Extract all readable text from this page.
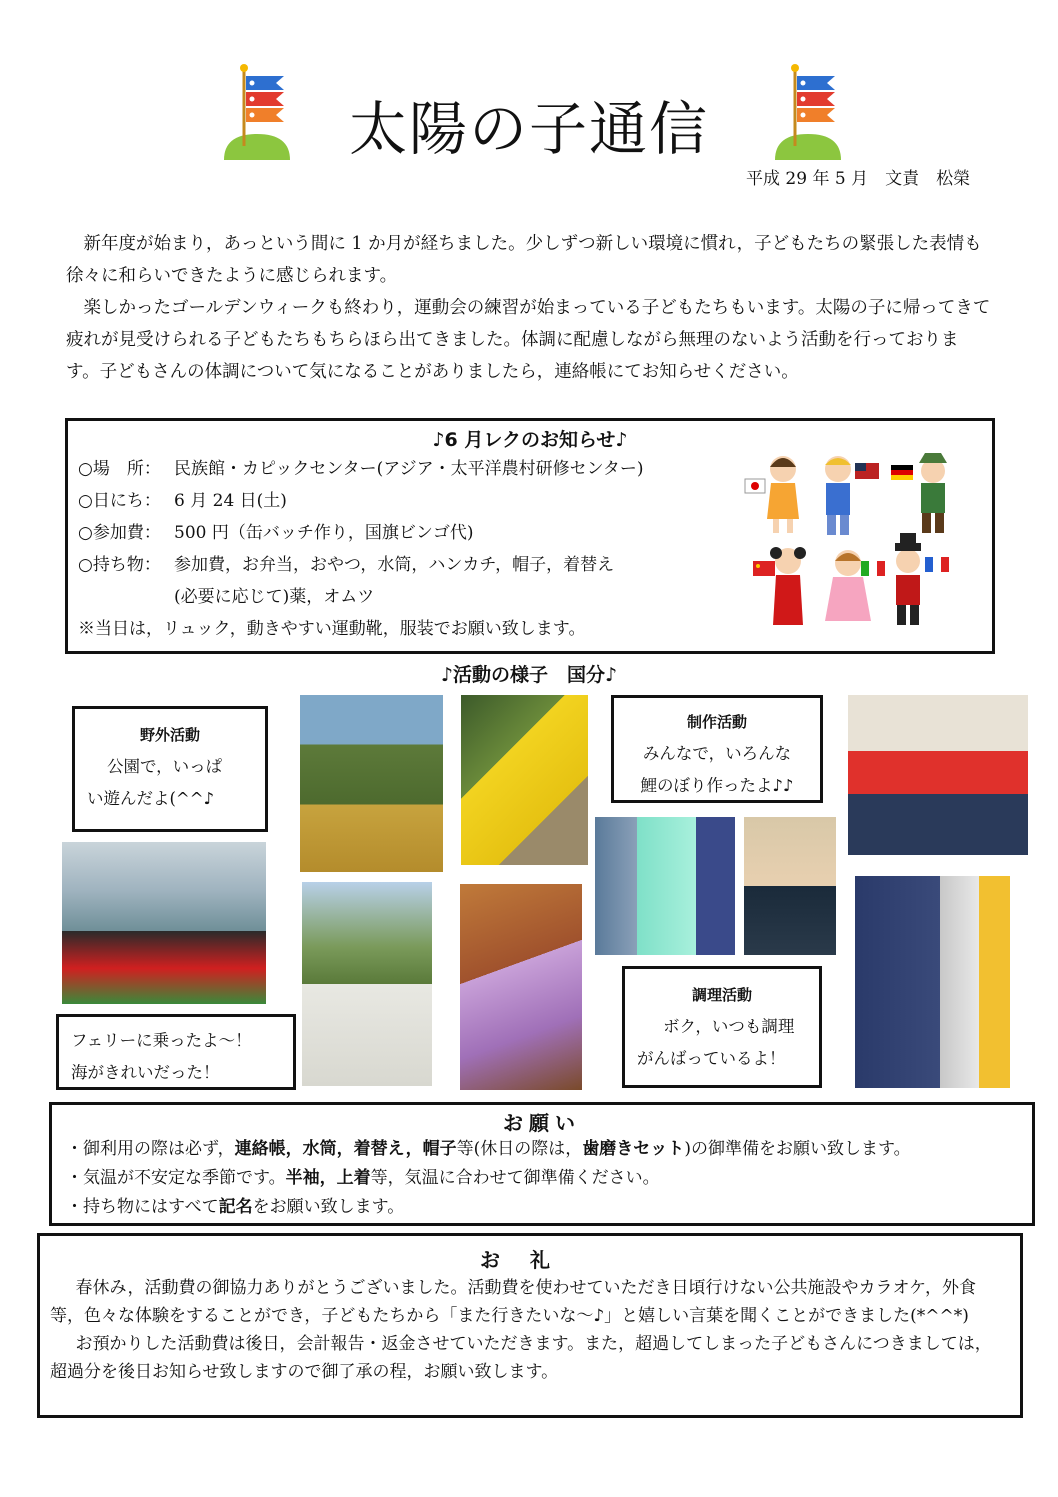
太陽の子通信
平成 29 年 5 月　文責　松榮

新年度が始まり，あっという間に 1 か月が経ちました。少しずつ新しい環境に慣れ，子どもたちの緊張した表情も徐々に和らいできたように感じられます。

楽しかったゴールデンウィークも終わり，運動会の練習が始まっている子どもたちもいます。太陽の子に帰ってきて疲れが見受けられる子どもたちもちらほら出てきました。体調に配慮しながら無理のないよう活動を行っております。子どもさんの体調について気になることがありましたら，連絡帳にてお知らせください。

♪6 月レクのお知らせ♪
○場　所： 民族館・カピックセンター(アジア・太平洋農村研修センター)
○日にち： 6 月 24 日(土)
○参加費： 500 円（缶バッチ作り，国旗ビンゴ代)
○持ち物： 参加費，お弁当，おやつ，水筒，ハンカチ，帽子，着替え
(必要に応じて)薬，オムツ
※当日は，リュック，動きやすい運動靴，服装でお願い致します。
♪活動の様子　国分♪
野外活動
公園で，いっぱ
い遊んだよ(^^♪
制作活動
みんなで，いろんな
鯉のぼり作ったよ♪♪
調理活動
ボク，いつも調理
がんばっているよ！
フェリーに乗ったよ～！
海がきれいだった！
お願い
・御利用の際は必ず，連絡帳，水筒，着替え，帽子等(休日の際は，歯磨きセット)の御準備をお願い致します。
・気温が不安定な季節です。半袖，上着等，気温に合わせて御準備ください。
・持ち物にはすべて記名をお願い致します。
お礼

春休み，活動費の御協力ありがとうございました。活動費を使わせていただき日頃行けない公共施設やカラオケ，外食等，色々な体験をすることができ，子どもたちから「また行きたいな～♪」と嬉しい言葉を聞くことができました(*^^*)

お預かりした活動費は後日，会計報告・返金させていただきます。また，超過してしまった子どもさんにつきましては，超過分を後日お知らせ致しますので御了承の程，お願い致します。
